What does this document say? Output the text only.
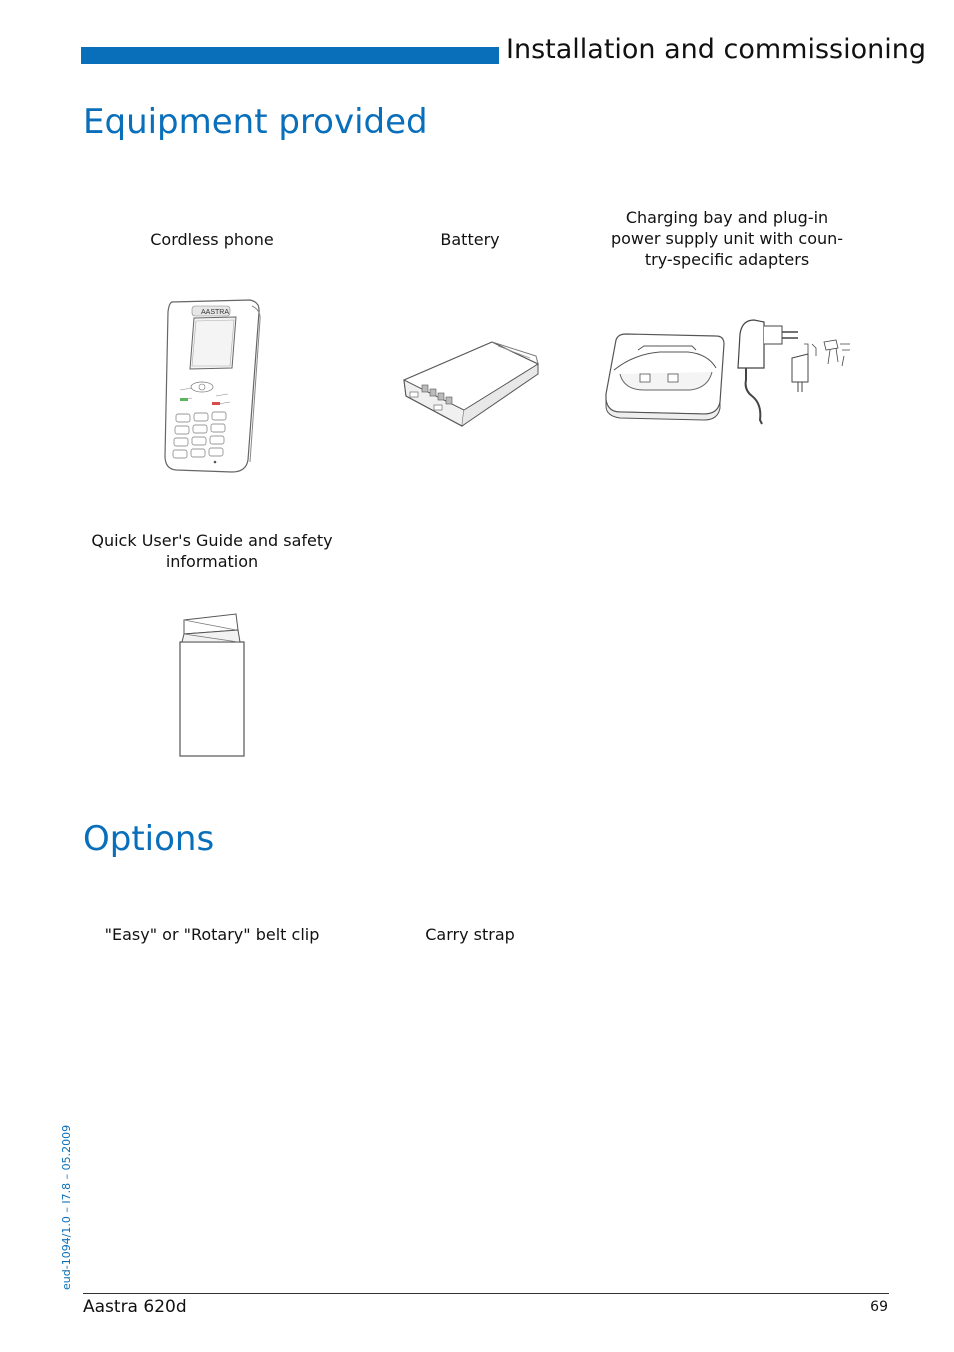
Installation and commissioning
Equipment provided
Cordless phone	Battery
Charging bay and plug-in
power supply unit with coun-
try-specific adapters
Quick User's Guide and safety
information
AASTRA
Options
"Easy" or "Rotary" belt clip	Carry strap
eud-1094/1.0 – I7.8 – 05.2009
Aastra 620d	69
